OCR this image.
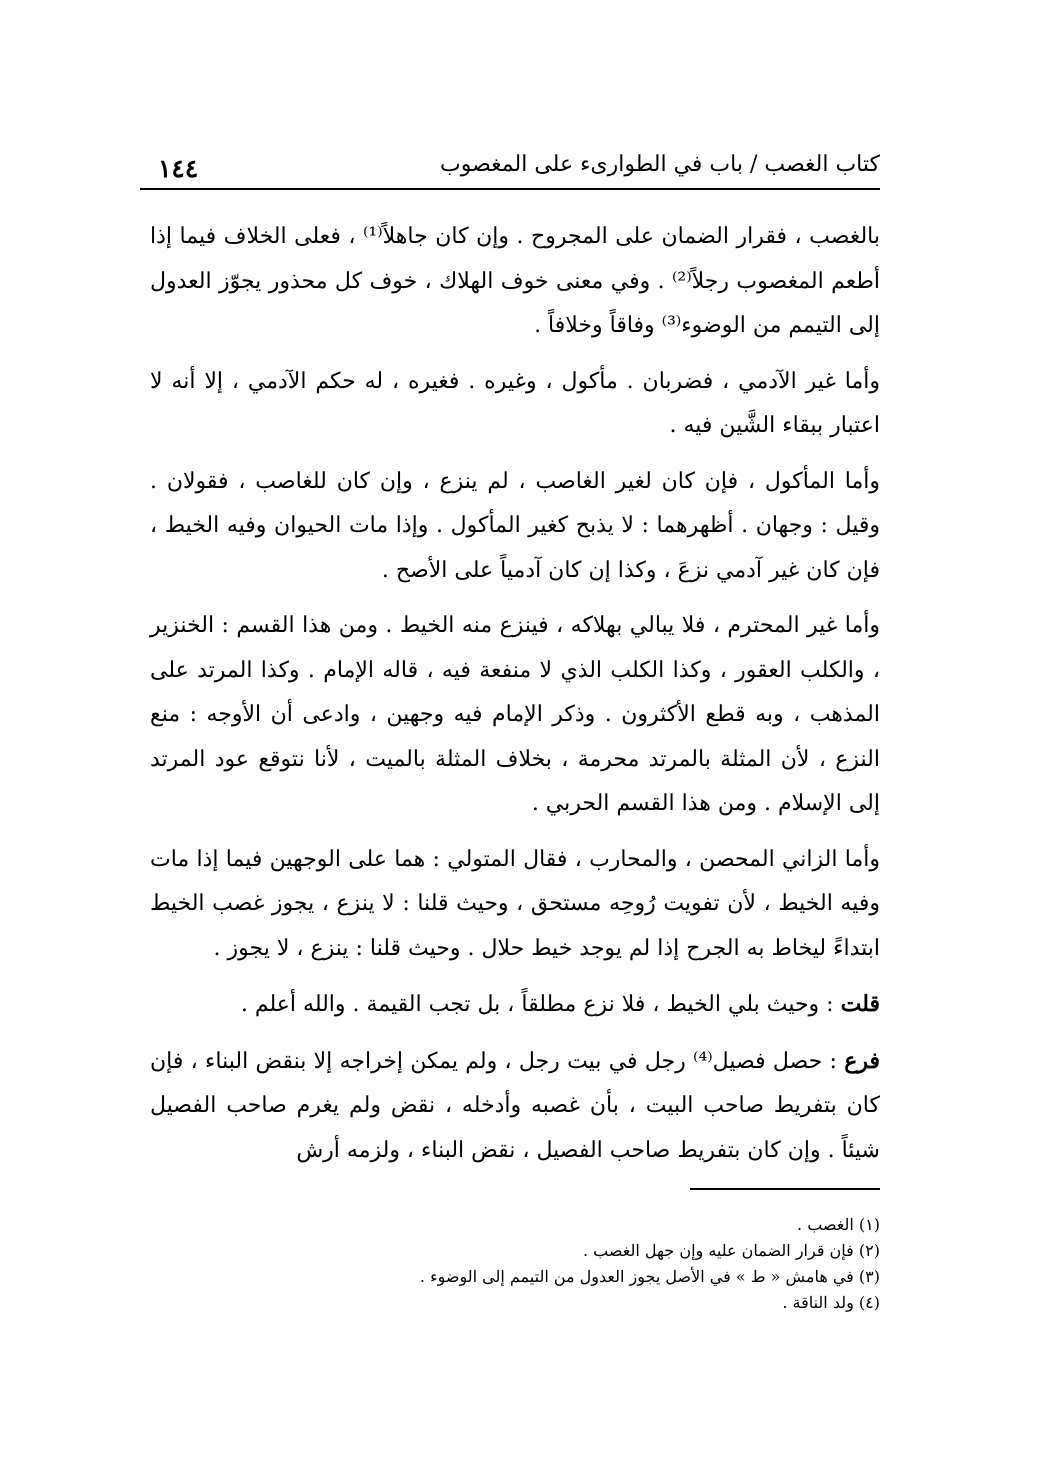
١٤٤	كتاب الغصب / باب في الطوارىء على المغصوب

بالغصب ، فقرار الضمان على المجروح . وإن كان جاهلاً⁽¹⁾ ، فعلى الخلاف فيما إذا أطعم المغصوب رجلاً⁽²⁾ . وفي معنى خوف الهلاك ، خوف كل محذور يجوّز العدول إلى التيمم من الوضوء⁽³⁾ وفاقاً وخلافاً .

وأما غير الآدمي ، فضربان . مأكول ، وغيره . فغيره ، له حكم الآدمي ، إلا أنه لا اعتبار ببقاء الشَّين فيه .

وأما المأكول ، فإن كان لغير الغاصب ، لم ينزع ، وإن كان للغاصب ، فقولان . وقيل : وجهان . أظهرهما : لا يذبح كغير المأكول . وإذا مات الحيوان وفيه الخيط ، فإن كان غير آدمي نزعَ ، وكذا إن كان آدمياً على الأصح .

وأما غير المحترم ، فلا يبالي بهلاكه ، فينزع منه الخيط . ومن هذا القسم : الخنزير ، والكلب العقور ، وكذا الكلب الذي لا منفعة فيه ، قاله الإمام . وكذا المرتد على المذهب ، وبه قطع الأكثرون . وذكر الإمام فيه وجهين ، وادعى أن الأوجه : منع النزع ، لأن المثلة بالمرتد محرمة ، بخلاف المثلة بالميت ، لأنا نتوقع عود المرتد إلى الإسلام . ومن هذا القسم الحربي .

وأما الزاني المحصن ، والمحارب ، فقال المتولي : هما على الوجهين فيما إذا مات وفيه الخيط ، لأن تفويت رُوحِه مستحق ، وحيث قلنا : لا ينزع ، يجوز غصب الخيط ابتداءً ليخاط به الجرح إذا لم يوجد خيط حلال . وحيث قلنا : ينزع ، لا يجوز .

قلت : وحيث بلي الخيط ، فلا نزع مطلقاً ، بل تجب القيمة . والله أعلم .

فرع : حصل فصيل⁽⁴⁾ رجل في بيت رجل ، ولم يمكن إخراجه إلا بنقض البناء ، فإن كان بتفريط صاحب البيت ، بأن غصبه وأدخله ، نقض ولم يغرم صاحب الفصيل شيئاً . وإن كان بتفريط صاحب الفصيل ، نقض البناء ، ولزمه أرش

(١) الغصب .
(٢) فإن قرار الضمان عليه وإن جهل الغصب .
(٣) في هامش « ط » في الأصل يجوز العدول من التيمم إلى الوضوء .
(٤) ولد الناقة .
